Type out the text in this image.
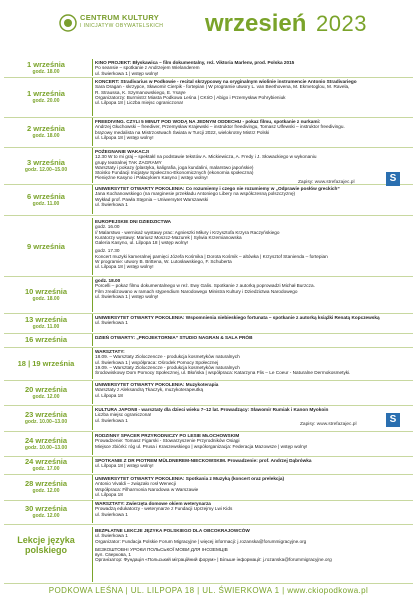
CENTRUM KULTURY
I INICJATYW OBYWATELSKICH wrzesień 2023
1 września
godz. 18.00
KINO PROJEKT: Błyskawica – film dokumentalny, reż. Viktoria Marlenv, prod. Polska 2015
Po seansie – spotkanie z Andrzejem Wielanderem
ul. Świerkowa 1 | wstęp wolny!
1 września
godz. 20.00
KONCERT: Stradivarius w Podkowie - recital skrzypcowy na oryginalnym wiolinie instrumencie Antonio Stradivariego
Sara Dragan - skrzypce, Sławomir Cierpik - fortepian | W programie utwory L. van Beethovena, M. Ekmetoglou, M. Ravela,
R. Straussa, K. Szymanowskiego, E. Ysaÿe
Organizatorzy: Burmistrz Miasta Podkowa Leśna | CKIiO | Abigo i Przemysław Pohrybieniuk
ul. Lilpopa 18 | Liczba miejsc ograniczona!
2 września
godz. 18.00
FREEDIVING. CZYLI 5 MINUT POD WODĄ NA JEDNYM ODDECHU - pokaz filmu, spotkanie z nurkami:
Andrzej Głuchowski – freediver, Przemysław Krajewski – instruktor freedivingu, Tomasz Ulfewski – instruktor freedivingu.
brązowy medalista na Mistrzostwach Świata w Turcji 2022, wielokrotny Mistrz Polski
ul. Lilpopa 18 | wstęp wolny!
3 września
godz. 12.00–15.00
POŻEGNANIE WAKACJI
12.30 W to mi graj – spektakl na podstawie tekstów A. Mickiewicza, A. Fredy i J. Słowackiego w wykonaniu
grupy teatralnej TAK ZAGRAMY
Warsztaty i pokazy (plastyka, kaligrafia, joga kundalini, malarstwo japońskie)
Stoisko Fundacji Inicjatyw Społeczno-Ekonomicznych (ekonomia społeczna)
Pieniężne Kasyno i Pałacykiem Kasyno | wstęp wolny!
6 września
godz. 11.00
UNIWERSYTET OTWARTY POKOLENIA: Co rozumiemy i czego nie rozumiemy w „Odprawie posłów greckich”
Jana Kochanowskiego (na marginesie przekładu Antoniego Libery na współczesną polszczyznę)
Wykład prof. Pawła Stępnia – Uniwersytet Warszawski
ul. Świerkowa 1
9 września
EUROPEJSKIE DNI DZIEDZICTWA
godz. 16.00
// Malarstwo - wernisaż wystawy prac: Agnieszki Miłury i Krzysztofa Krzyra Raczyńskiego
Kuratorzy wystawy: Mariusz Moszcz-Mazurek | Sylwia Krzemianowska
Galeria Kasyno, ul. Lilpopa 18 | wstęp wolny!
godz. 17.30
Koncert muzyki kameralnej pamięci Józefa Kośmika | Dorota Kośmik – altówka | Krzysztof Stanienda – fortepian
W programie: utwory B. Brittena, W. Lutosławskiego, F. Schuberta
ul. Lilpopa 18 | wstęp wolny!
10 września
godz. 18.00
godz. 18.00
Porcelli – pokaz filmu dokumentalnego w reż. Ewy Galis. Spotkanie z autorką poprowadzi Michał Burzcza.
Film zrealizowano w ramach stypendium Narodowego Ministra Kultury i Dziedzictwa Narodowego
ul. Świerkowa 1 | wstęp wolny!
13 września
godz. 11.00
UNIWERSYTET OTWARTY POKOLENIA: Wspomnienia niebieskiego fortunata – spotkanie z autorką książki Renatą Kopczewską
ul. Świerkowa 1
16 września	DZIEŃ OTWARTY: „PROJEKTORNIA” STUDIO NAGRAN & SALA PRÓB
18 | 19 września
WARSZTATY:
18.09. – Warsztaty Zioloczencze - produkcja kosmetyków naturalnych
ul. Świerkowa 1 | współpraca: Ośrodek Pomocy Społecznej
19.09. – Warsztaty Zioloczencze - produkcja kosmetyków naturalnych
Środowiskowy Dom Pomocy Społecznej, ul. Błońska | współpraca: Katarzyna Flis – Le Coeur - Naturalne Dermokosmetyki.
20 września
godz. 12.00
UNIWERSYTET OTWARTY POKOLENIA: Muzykoterapia
Warsztaty z Aleksandrą Tkaczyk, muzykoterapeutką
ul. Lilpopa 18
23 września
godz. 10.00–13.00
KULTURA JAPONII - warsztaty dla dzieci wieku 7–12 lat. Prowadzący: Sławomir Rumiak i Kanon Myokoin
Liczba miejsc ograniczona!
ul. Świerkowa 1
24 września
godz. 10.00–13.00
RODZINNY SPACER PRZYRODNICZY PO LESIE MŁOCHOWSKIM
Prowadzenie: Tomasz Figarski - Stowarzyszenie Przyrodników Osiągi
Miejsce zbiórki: róg ul. Prusa i Kraszewskiego | współorganizacja: Federacja Mazowsze | wstęp wolny!
24 września
godz. 17.00
SPOTKANIE Z DR PIOTREM MÜLDNEREM-NIECKOWSKIM. Prowadzenie: prof. Andrzej Dąbrówka
ul. Lilpopa 18 | wstęp wolny!
28 września
godz. 12.00
UNIWERSYTET OTWARTY POKOLENIA: Spotkania z Muzyką (koncert oraz prelekcja)
Antonio Vivaldi – związało rosł Wenecji
Współpraca: Filharmonia Narodowa w Warszawie
ul. Lilpopa 18
30 września
godz. 12.00
WARSZTATY: Zwierzęta domowe okiem weterynarza
Prowadzą edukatorzy - weterynarze z Fundacji Uprzejmy Lwi Kids
ul. Świerkowa 1
Lekcje języka polskiego
BEZPŁATNE LEKCJE JĘZYKA POLSKIEGO DLA OBCOKRAJOWCÓW
ul. Świerkowa 1
Organizator: Fundacja Polskie Forum Migracyjne | więcej informacji: j.rozanska@forummigracyjne.org
БЕЗКОШТОВНІ УРОКИ ПОЛЬСЬКОЇ МОВИ ДЛЯ ІНОЗЕМЦІВ
вул. Сверкова, 1
Організатор: Фундація «Польський міграційний форум» | Більше інформації: j.rozanska@forummigracyjne.org
Zapisy: www.strefazajec.pl	S
Zapisy: www.strefazajec.pl	S
PODKOWA LEŚNA | UL. LILPOPA 18 | UL. ŚWIERKOWA 1 | www.ckiopodkowa.pl
